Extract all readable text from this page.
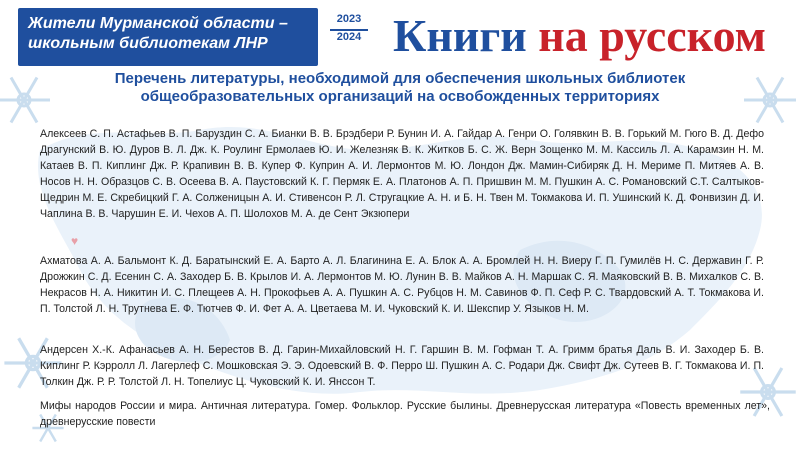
Жители Мурманской области –
школьным библиотекам ЛНР
2023
2024 Книги на русском
Перечень литературы, необходимой для обеспечения школьных библиотек
общеобразовательных организаций на освобожденных территориях
Алексеев С. П. Астафьев В. П. Баруздин С. А. Бианки В. В. Брэдбери Р. Бунин И. А. Гайдар А. Генри О. Голявкин В. В. Горький М. Гюго В. Д. Дефо Драгунский В. Ю. Дуров В. Л. Дж. К. Роулинг Ермолаев Ю. И. Железняк В. К. Житков Б. С. Ж. Верн Зощенко М. М. Кассиль Л. А. Карамзин Н. М. Катаев В. П. Киплинг Дж. Р. Крапивин В. В. Купер Ф. Куприн А. И. Лермонтов М. Ю. Лондон Дж. Мамин-Сибиряк Д. Н. Мериме П. Митяев А. В. Носов Н. Н. Образцов С. В. Осеева В. А. Паустовский К. Г. Пермяк Е. А. Платонов А. П. Пришвин М. М. Пушкин А. С. Романовский С.Т. Салтыков-Щедрин М. Е. Скребицкий Г. А. Солженицын А. И. Стивенсон Р. Л. Стругацкие А. Н. и Б. Н. Твен М. Токмакова И. П. Ушинский К. Д. Фонвизин Д. И. Чаплина В. В. Чарушин Е. И. Чехов А. П. Шолохов М. А. де Сент Экзюпери
♥
Ахматова А. А. Бальмонт К. Д. Баратынский Е. А. Барто А. Л. Благинина Е. А. Блок А. А. Бромлей Н. Н. Виеру Г. П. Гумилёв Н. С. Державин Г. Р. Дрожжин С. Д. Есенин С. А. Заходер Б. В. Крылов И. А. Лермонтов М. Ю. Лунин В. В. Майков А. Н. Маршак С. Я. Маяковский В. В. Михалков С. В. Некрасов Н. А. Никитин И. С. Плещеев А. Н. Прокофьев А. А. Пушкин А. С. Рубцов Н. М. Савинов Ф. П. Сеф Р. С. Твардовский А. Т. Токмакова И. П. Толстой Л. Н. Трутнева Е. Ф. Тютчев Ф. И. Фет А. А. Цветаева М. И. Чуковский К. И. Шекспир У. Языков Н. М.
Андерсен Х.-К. Афанасьев А. Н. Берестов В. Д. Гарин-Михайловский Н. Г. Гаршин В. М. Гофман Т. А. Гримм братья Даль В. И. Заходер Б. В. Киплинг Р. Кэрролл Л. Лагерлеф С. Мошковская Э. Э. Одоевский В. Ф. Перро Ш. Пушкин А. С. Родари Дж. Свифт Дж. Сутеев В. Г. Токмакова И. П. Толкин Дж. Р. Р. Толстой Л. Н. Топелиус Ц. Чуковский К. И. Янссон Т.
Мифы народов России и мира. Античная литература. Гомер. Фольклор. Русские былины. Древнерусская литература «Повесть временных лет», древнерусские повести
